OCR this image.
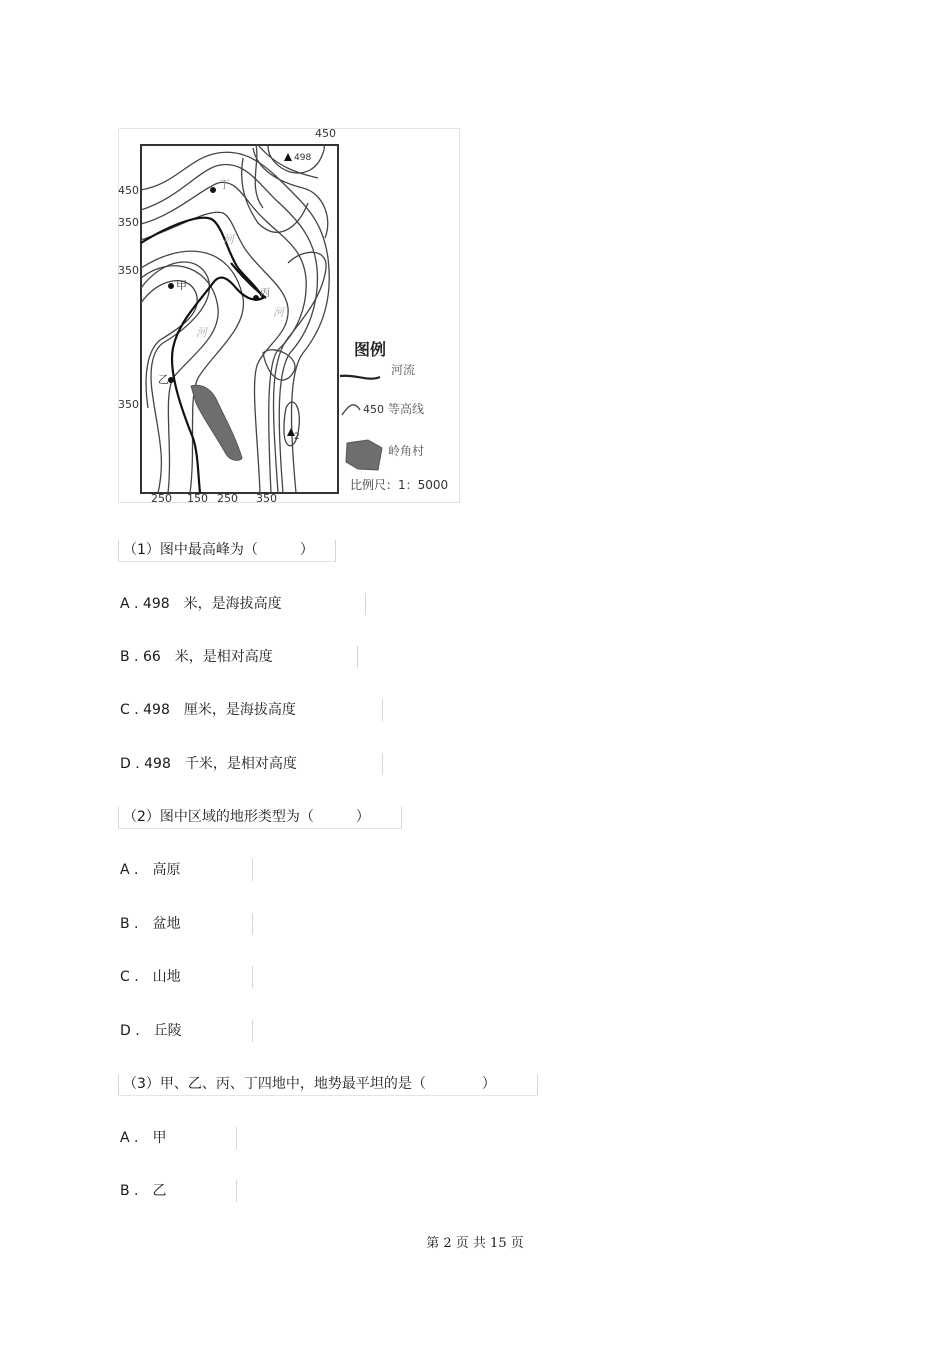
498
2
甲
乙
丙
丁
河
河
河
450
450
350
350
350
250 150 250 350
图例
河流
450 等高线
岭角村
比例尺：1：5000
（1）图中最高峰为（　　　）
A . 498　米，是海拔高度
B . 66　米，是相对高度
C . 498　厘米，是海拔高度
D . 498　千米，是相对高度
（2）图中区域的地形类型为（　　　）
A .　高原
B .　盆地
C .　山地
D .　丘陵
（3）甲、乙、丙、丁四地中，地势最平坦的是（　　　　）
A .　甲
B .　乙
第 2 页 共 15 页
